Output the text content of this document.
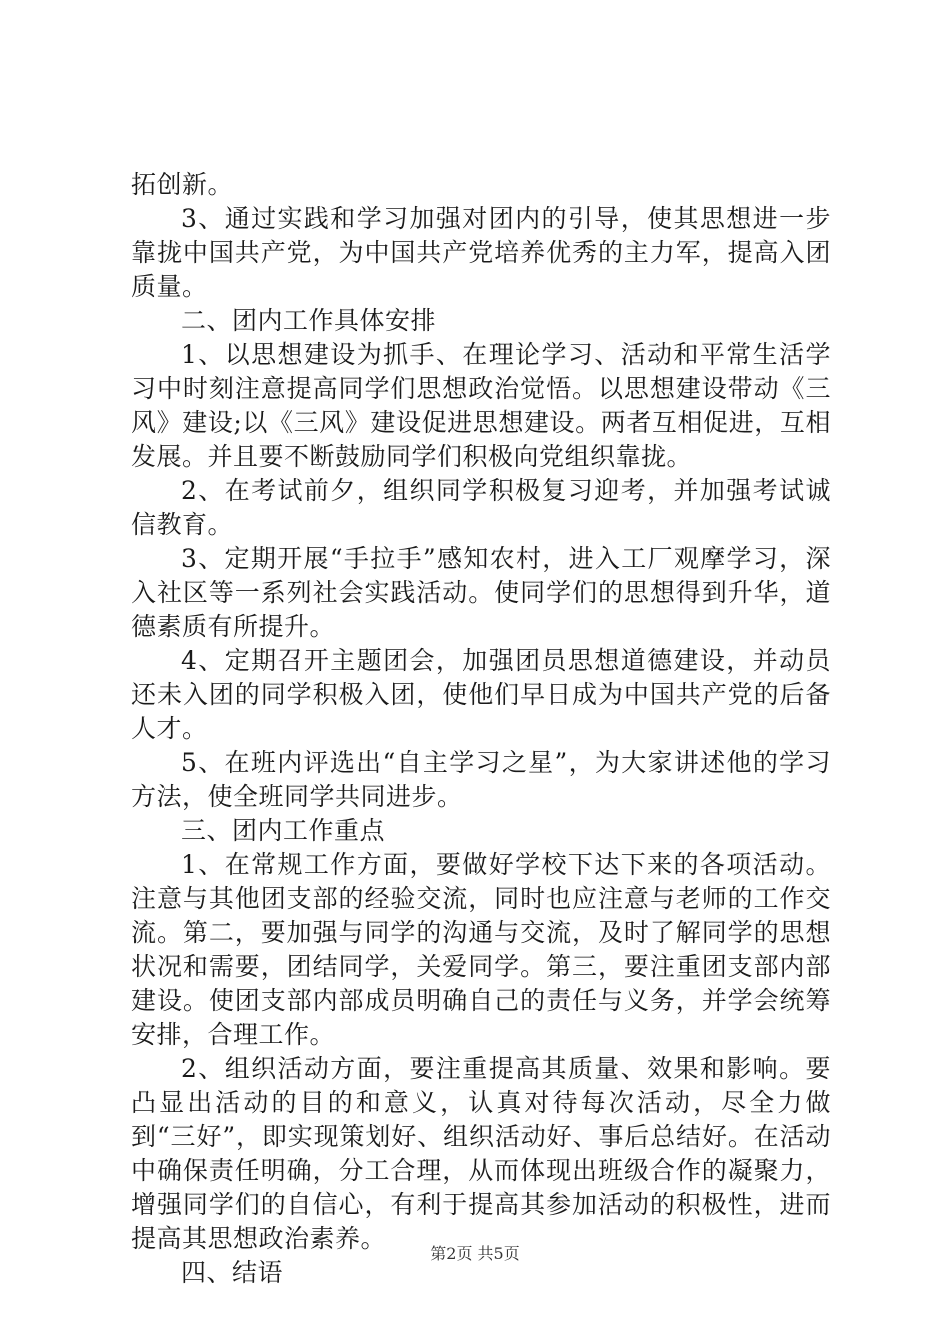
拓创新。

3、通过实践和学习加强对团内的引导，使其思想进一步靠拢中国共产党，为中国共产党培养优秀的主力军，提高入团质量。

二、团内工作具体安排

1、以思想建设为抓手、在理论学习、活动和平常生活学习中时刻注意提高同学们思想政治觉悟。以思想建设带动《三风》建设;以《三风》建设促进思想建设。两者互相促进，互相发展。并且要不断鼓励同学们积极向党组织靠拢。

2、在考试前夕，组织同学积极复习迎考，并加强考试诚信教育。

3、定期开展“手拉手”感知农村，进入工厂观摩学习，深入社区等一系列社会实践活动。使同学们的思想得到升华，道德素质有所提升。

4、定期召开主题团会，加强团员思想道德建设，并动员还未入团的同学积极入团，使他们早日成为中国共产党的后备人才。

5、在班内评选出“自主学习之星”，为大家讲述他的学习方法，使全班同学共同进步。

三、团内工作重点

1、在常规工作方面，要做好学校下达下来的各项活动。注意与其他团支部的经验交流，同时也应注意与老师的工作交流。第二，要加强与同学的沟通与交流，及时了解同学的思想状况和需要，团结同学，关爱同学。第三，要注重团支部内部建设。使团支部内部成员明确自己的责任与义务，并学会统筹安排，合理工作。

2、组织活动方面，要注重提高其质量、效果和影响。要凸显出活动的目的和意义，认真对待每次活动，尽全力做到“三好”，即实现策划好、组织活动好、事后总结好。在活动中确保责任明确，分工合理，从而体现出班级合作的凝聚力，增强同学们的自信心，有利于提高其参加活动的积极性，进而提高其思想政治素养。

四、结语

第2页 共5页
